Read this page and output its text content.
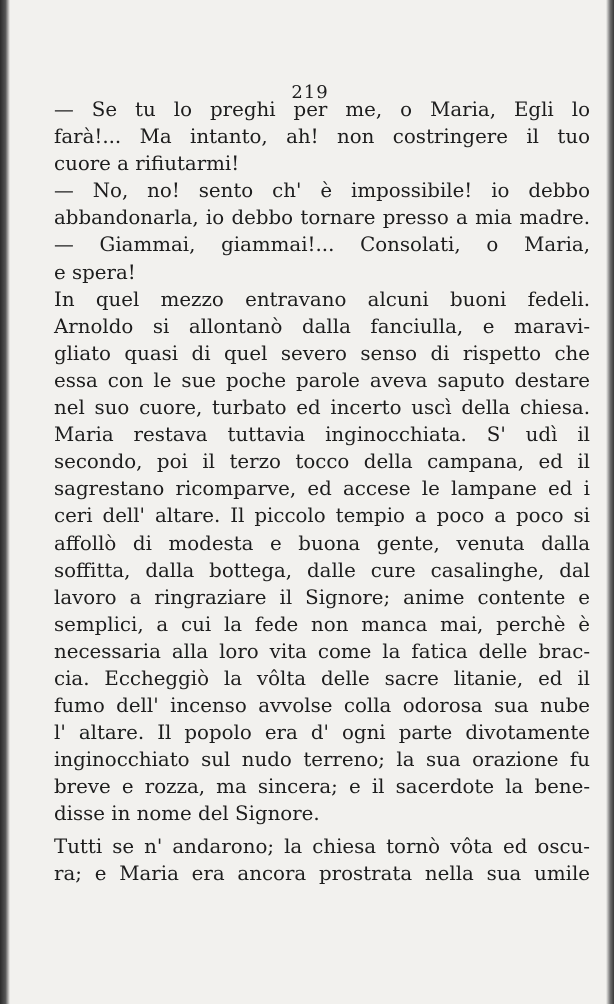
219
— Se tu lo preghi per me, o Maria, Egli lo
farà!... Ma intanto, ah! non costringere il tuo
cuore a rifiutarmi!
— No, no! sento ch' è impossibile! io debbo
abbandonarla, io debbo tornare presso a mia madre.
— Giammai, giammai!... Consolati, o Maria,
e spera!
In quel mezzo entravano alcuni buoni fedeli.
Arnoldo si allontanò dalla fanciulla, e maravi-
gliato quasi di quel severo senso di rispetto che
essa con le sue poche parole aveva saputo destare
nel suo cuore, turbato ed incerto uscì della chiesa.
Maria restava tuttavia inginocchiata. S' udì il
secondo, poi il terzo tocco della campana, ed il
sagrestano ricomparve, ed accese le lampane ed i
ceri dell' altare. Il piccolo tempio a poco a poco si
affollò di modesta e buona gente, venuta dalla
soffitta, dalla bottega, dalle cure casalinghe, dal
lavoro a ringraziare il Signore; anime contente e
semplici, a cui la fede non manca mai, perchè è
necessaria alla loro vita come la fatica delle brac-
cia. Eccheggiò la vôlta delle sacre litanie, ed il
fumo dell' incenso avvolse colla odorosa sua nube
l' altare. Il popolo era d' ogni parte divotamente
inginocchiato sul nudo terreno; la sua orazione fu
breve e rozza, ma sincera; e il sacerdote la bene-
disse in nome del Signore.
Tutti se n' andarono; la chiesa tornò vôta ed oscu-
ra; e Maria era ancora prostrata nella sua umile
